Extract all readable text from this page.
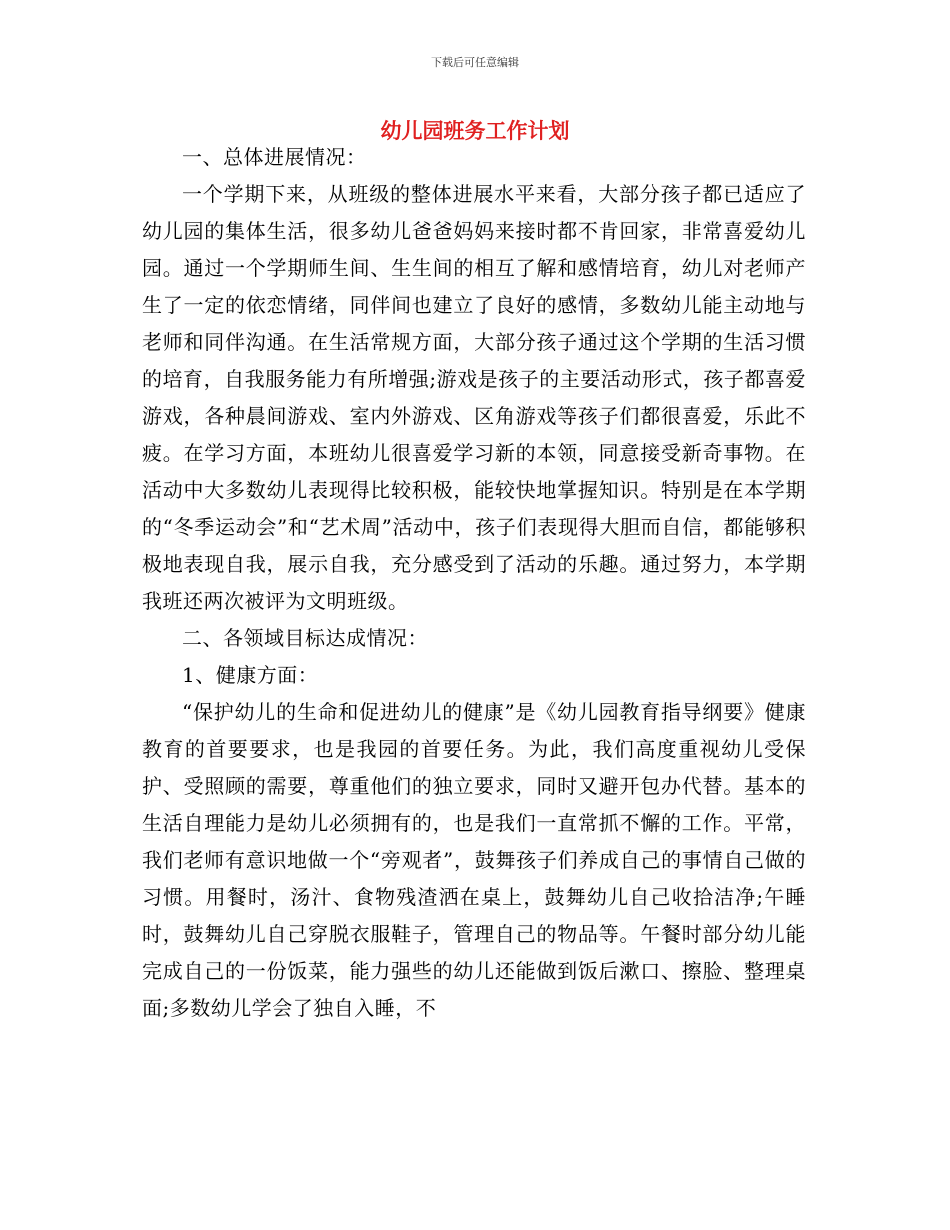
下载后可任意编辑
幼儿园班务工作计划

一、总体进展情况：

一个学期下来，从班级的整体进展水平来看，大部分孩子都已适应了幼儿园的集体生活，很多幼儿爸爸妈妈来接时都不肯回家，非常喜爱幼儿园。通过一个学期师生间、生生间的相互了解和感情培育，幼儿对老师产生了一定的依恋情绪，同伴间也建立了良好的感情，多数幼儿能主动地与老师和同伴沟通。在生活常规方面，大部分孩子通过这个学期的生活习惯的培育，自我服务能力有所增强;游戏是孩子的主要活动形式，孩子都喜爱游戏，各种晨间游戏、室内外游戏、区角游戏等孩子们都很喜爱，乐此不疲。在学习方面，本班幼儿很喜爱学习新的本领，同意接受新奇事物。在活动中大多数幼儿表现得比较积极，能较快地掌握知识。特别是在本学期的“冬季运动会”和“艺术周”活动中，孩子们表现得大胆而自信，都能够积极地表现自我，展示自我，充分感受到了活动的乐趣。通过努力，本学期我班还两次被评为文明班级。

二、各领域目标达成情况：

1、健康方面：

“保护幼儿的生命和促进幼儿的健康”是《幼儿园教育指导纲要》健康教育的首要要求，也是我园的首要任务。为此，我们高度重视幼儿受保护、受照顾的需要，尊重他们的独立要求，同时又避开包办代替。基本的生活自理能力是幼儿必须拥有的，也是我们一直常抓不懈的工作。平常，我们老师有意识地做一个“旁观者”，鼓舞孩子们养成自己的事情自己做的习惯。用餐时，汤汁、食物残渣洒在桌上，鼓舞幼儿自己收拾洁净;午睡时，鼓舞幼儿自己穿脱衣服鞋子，管理自己的物品等。午餐时部分幼儿能完成自己的一份饭菜，能力强些的幼儿还能做到饭后漱口、擦脸、整理桌面;多数幼儿学会了独自入睡，不
